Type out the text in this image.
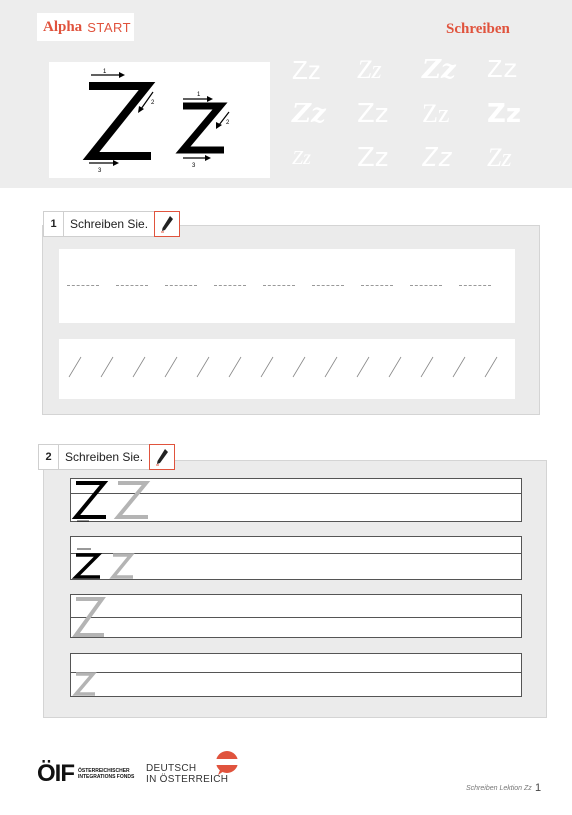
Alpha START	Schreiben
1
2
3
1
2
3
Zz	Zz	Zz	Zz
Zz	Zz	Zz	Zz
Zz	Zz	Zz	Zz
1	Schreiben Sie.
2	Schreiben Sie.
ÖIF ÖSTERREICHISCHER INTEGRATIONS FONDS
DEUTSCH
IN ÖSTERREICH
Schreiben Lektion Zz 1
